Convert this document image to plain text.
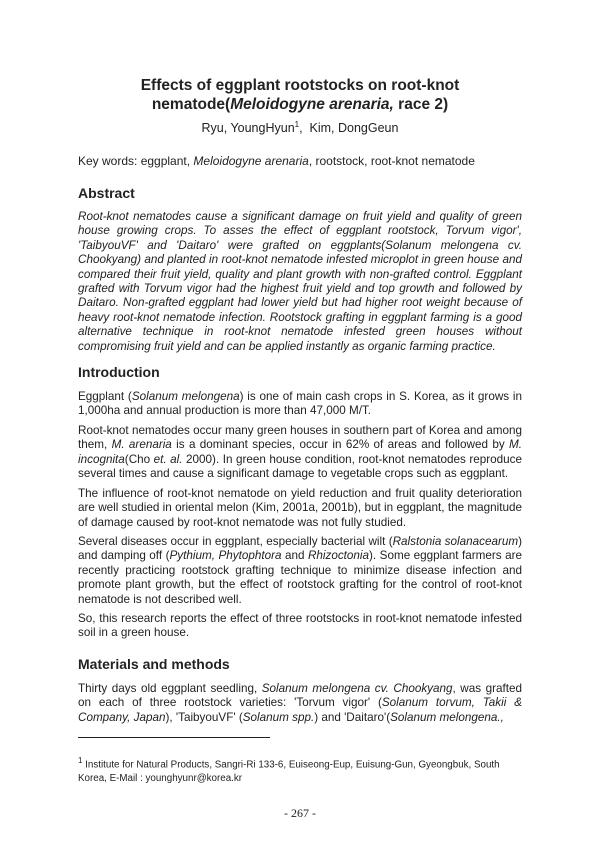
Effects of eggplant rootstocks on root-knot
nematode(Meloidogyne arenaria, race 2)
Ryu, YoungHyun$^1$,  Kim, DongGeun
Key words: eggplant, Meloidogyne arenaria, rootstock, root-knot nematode
Abstract

Root-knot nematodes cause a significant damage on fruit yield and quality of green house growing crops. To asses the effect of eggplant rootstock, Torvum vigor', 'TaibyouVF' and 'Daitaro' were grafted on eggplants(Solanum melongena cv. Chookyang) and planted in root-knot nematode infested microplot in green house and compared their fruit yield, quality and plant growth with non-grafted control. Eggplant grafted with Torvum vigor had the highest fruit yield and top growth and followed by Daitaro. Non-grafted eggplant had lower yield but had higher root weight because of heavy root-knot nematode infection. Rootstock grafting in eggplant farming is a good alternative technique in root-knot nematode infested green houses without compromising fruit yield and can be applied instantly as organic farming practice.

Introduction

Eggplant (Solanum melongena) is one of main cash crops in S. Korea, as it grows in 1,000ha and annual production is more than 47,000 M/T.

Root-knot nematodes occur many green houses in southern part of Korea and among them, M. arenaria is a dominant species, occur in 62% of areas and followed by M. incognita(Cho et. al. 2000). In green house condition, root-knot nematodes reproduce several times and cause a significant damage to vegetable crops such as eggplant.

The influence of root-knot nematode on yield reduction and fruit quality deterioration are well studied in oriental melon (Kim, 2001a, 2001b), but in eggplant, the magnitude of damage caused by root-knot nematode was not fully studied.

Several diseases occur in eggplant, especially bacterial wilt (Ralstonia solanacearum) and damping off (Pythium, Phytophtora and Rhizoctonia). Some eggplant farmers are recently practicing rootstock grafting technique to minimize disease infection and promote plant growth, but the effect of rootstock grafting for the control of root-knot nematode is not described well.

So, this research reports the effect of three rootstocks in root-knot nematode infested soil in a green house.

Materials and methods

Thirty days old eggplant seedling, Solanum melongena cv. Chookyang, was grafted on each of three rootstock varieties: 'Torvum vigor' (Solanum torvum, Takii & Company, Japan), 'TaibyouVF' (Solanum spp.) and 'Daitaro'(Solanum melongena.,

$^1$ Institute for Natural Products, Sangri-Ri 133-6, Euiseong-Eup, Euisung-Gun, Gyeongbuk, South Korea, E-Mail : younghyunr@korea.kr
- 267 -
